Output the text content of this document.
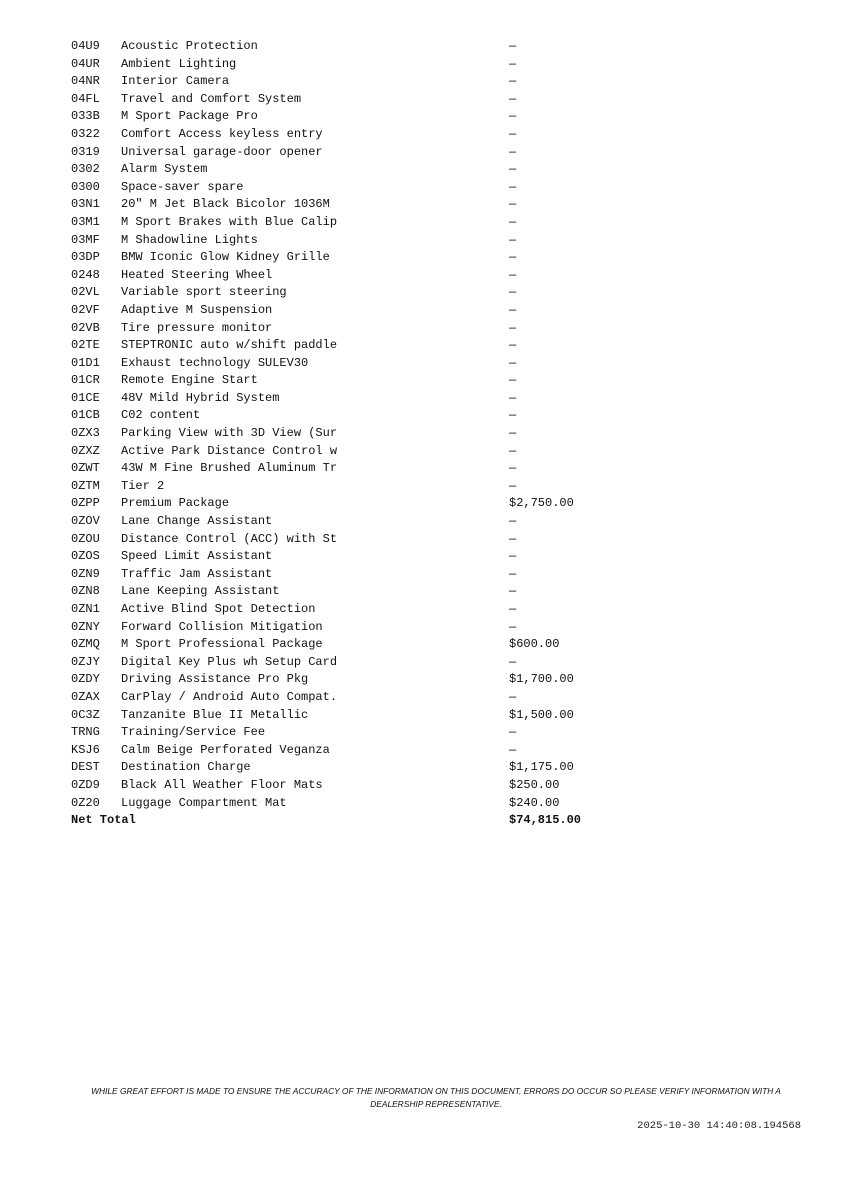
04U9	Acoustic Protection	—
04UR	Ambient Lighting	—
04NR	Interior Camera	—
04FL	Travel and Comfort System	—
033B	M Sport Package Pro	—
0322	Comfort Access keyless entry	—
0319	Universal garage-door opener	—
0302	Alarm System	—
0300	Space-saver spare	—
03N1	20" M Jet Black Bicolor 1036M	—
03M1	M Sport Brakes with Blue Calip	—
03MF	M Shadowline Lights	—
03DP	BMW Iconic Glow Kidney Grille	—
0248	Heated Steering Wheel	—
02VL	Variable sport steering	—
02VF	Adaptive M Suspension	—
02VB	Tire pressure monitor	—
02TE	STEPTRONIC auto w/shift paddle	—
01D1	Exhaust technology SULEV30	—
01CR	Remote Engine Start	—
01CE	48V Mild Hybrid System	—
01CB	C02 content	—
0ZX3	Parking View with 3D View (Sur	—
0ZXZ	Active Park Distance Control w	—
0ZWT	43W M Fine Brushed Aluminum Tr	—
0ZTM	Tier 2	—
0ZPP	Premium Package	$2,750.00
0ZOV	Lane Change Assistant	—
0ZOU	Distance Control (ACC) with St	—
0ZOS	Speed Limit Assistant	—
0ZN9	Traffic Jam Assistant	—
0ZN8	Lane Keeping Assistant	—
0ZN1	Active Blind Spot Detection	—
0ZNY	Forward Collision Mitigation	—
0ZMQ	M Sport Professional Package	$600.00
0ZJY	Digital Key Plus wh Setup Card	—
0ZDY	Driving Assistance Pro Pkg	$1,700.00
0ZAX	CarPlay / Android Auto Compat.	—
0C3Z	Tanzanite Blue II Metallic	$1,500.00
TRNG	Training/Service Fee	—
KSJ6	Calm Beige Perforated Veganza	—
DEST	Destination Charge	$1,175.00
0ZD9	Black All Weather Floor Mats	$250.00
0Z20	Luggage Compartment Mat	$240.00
Net Total	$74,815.00
WHILE GREAT EFFORT IS MADE TO ENSURE THE ACCURACY OF THE INFORMATION ON THIS DOCUMENT, ERRORS DO OCCUR SO PLEASE VERIFY INFORMATION WITH A DEALERSHIP REPRESENTATIVE.
2025-10-30 14:40:08.194568
